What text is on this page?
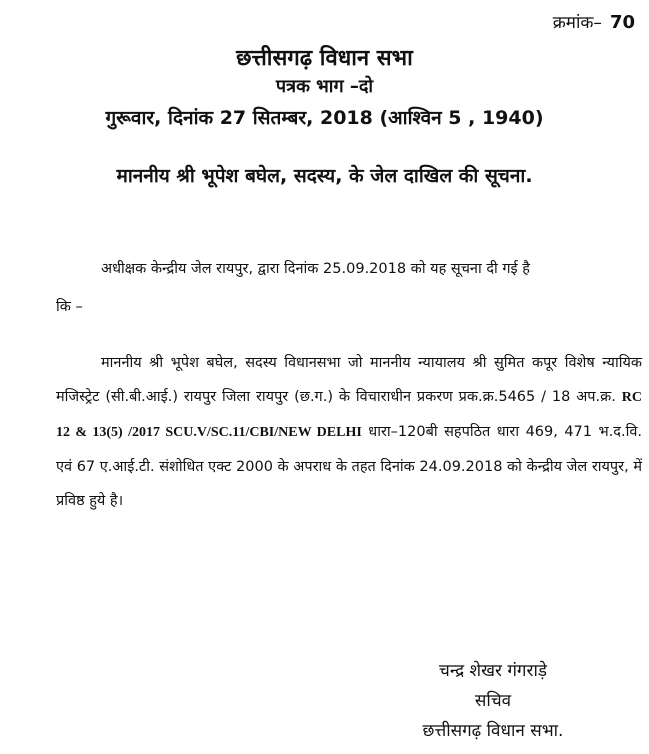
क्रमांक– 70
छत्तीसगढ़ विधान सभा
पत्रक भाग –दो
गुरूवार, दिनांक 27 सितम्बर, 2018 (आश्विन 5 , 1940)
माननीय श्री भूपेश बघेल, सदस्य, के जेल दाखिल की सूचना.

अधीक्षक केन्द्रीय जेल रायपुर, द्वारा दिनांक 25.09.2018 को यह सूचना दी गई है

कि –

माननीय श्री भूपेश बघेल, सदस्य विधानसभा जो माननीय न्यायालय श्री सुमित कपूर विशेष न्यायिक मजिस्ट्रेट (सी.बी.आई.) रायपुर जिला रायपुर (छ.ग.) के विचाराधीन प्रकरण प्रक.क्र.5465 / 18 अप.क्र. RC 12 & 13(5) /2017 SCU.V/SC.11/CBI/NEW DELHI धारा–120बी सहपठित धारा 469, 471 भ.द.वि. एवं 67 ए.आई.टी. संशोधित एक्ट 2000 के अपराध के तहत दिनांक 24.09.2018 को केन्द्रीय जेल रायपुर, में प्रविष्ठ हुये है।

चन्द्र शेखर गंगराड़े
सचिव
छत्तीसगढ़ विधान सभा.
